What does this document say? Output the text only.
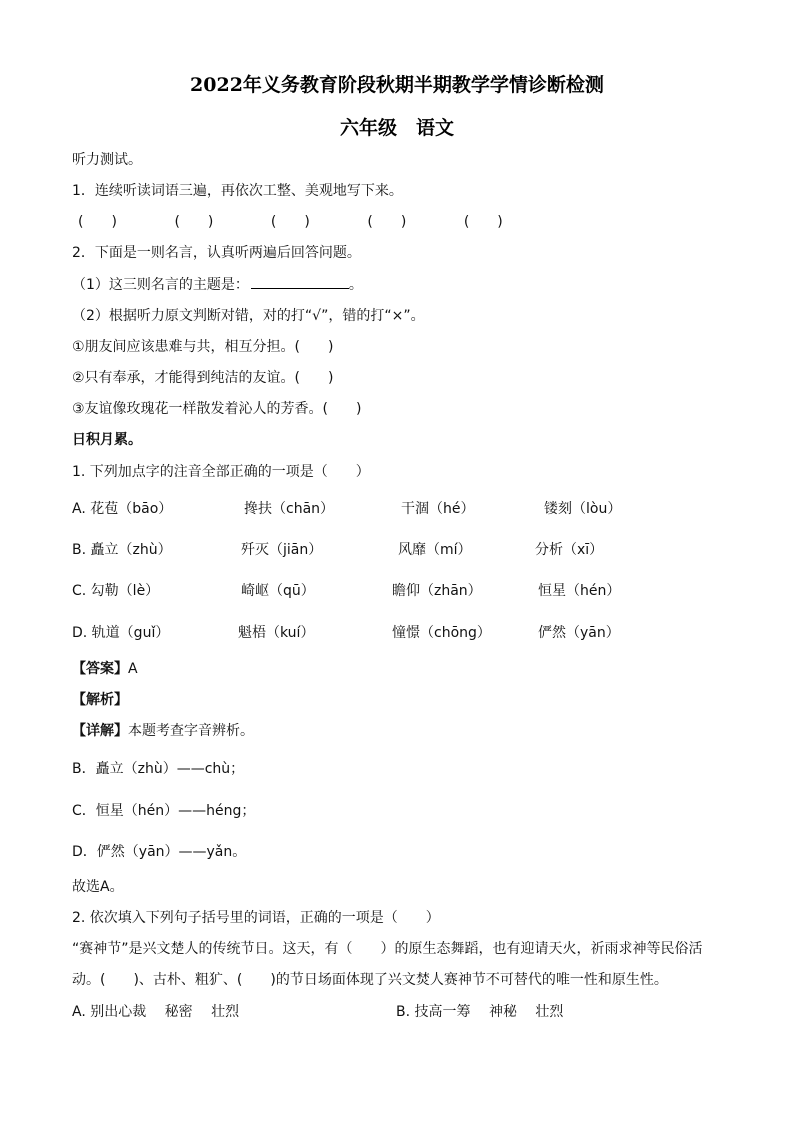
2022年义务教育阶段秋期半期教学学情诊断检测
六年级　语文
听力测试。
1．连续听读词语三遍，再依次工整、美观地写下来。
(　　)	(　　)	(　　)	(　　)	(　　)
2．下面是一则名言，认真听两遍后回答问题。
（1）这三则名言的主题是：	。
（2）根据听力原文判断对错，对的打“√”，错的打“×”。
①朋友间应该患难与共，相互分担。(　　)
②只有奉承，才能得到纯洁的友谊。(　　)
③友谊像玫瑰花一样散发着沁人的芳香。(　　)
日积月累。
1. 下列加点字的注音全部正确的一项是（　　）
A. 花苞（bāo）	搀扶（chān）	干涸（hé）	镂刻（lòu）
B. 矗立（zhù）	歼灭（jiān）	风靡（mí）	分析（xī）
C. 勾勒（lè）	崎岖（qū）	瞻仰（zhān）	恒星（hén）
D. 轨道（guǐ）	魁梧（kuí）	憧憬（chōng）	俨然（yān）
【答案】A
【解析】
【详解】本题考查字音辨析。
B．矗立（zhù）——chù；
C．恒星（hén）——héng；
D．俨然（yān）——yǎn。
故选A。
2. 依次填入下列句子括号里的词语，正确的一项是（　　）
“赛神节”是兴文楚人的传统节日。这天，有（　　）的原生态舞蹈，也有迎请天火，祈雨求神等民俗活
动。(　　)、古朴、粗犷、(　　)的节日场面体现了兴文焚人赛神节不可替代的唯一性和原生性。
A. 别出心裁　 秘密　 壮烈	B. 技高一筹　 神秘　 壮烈
